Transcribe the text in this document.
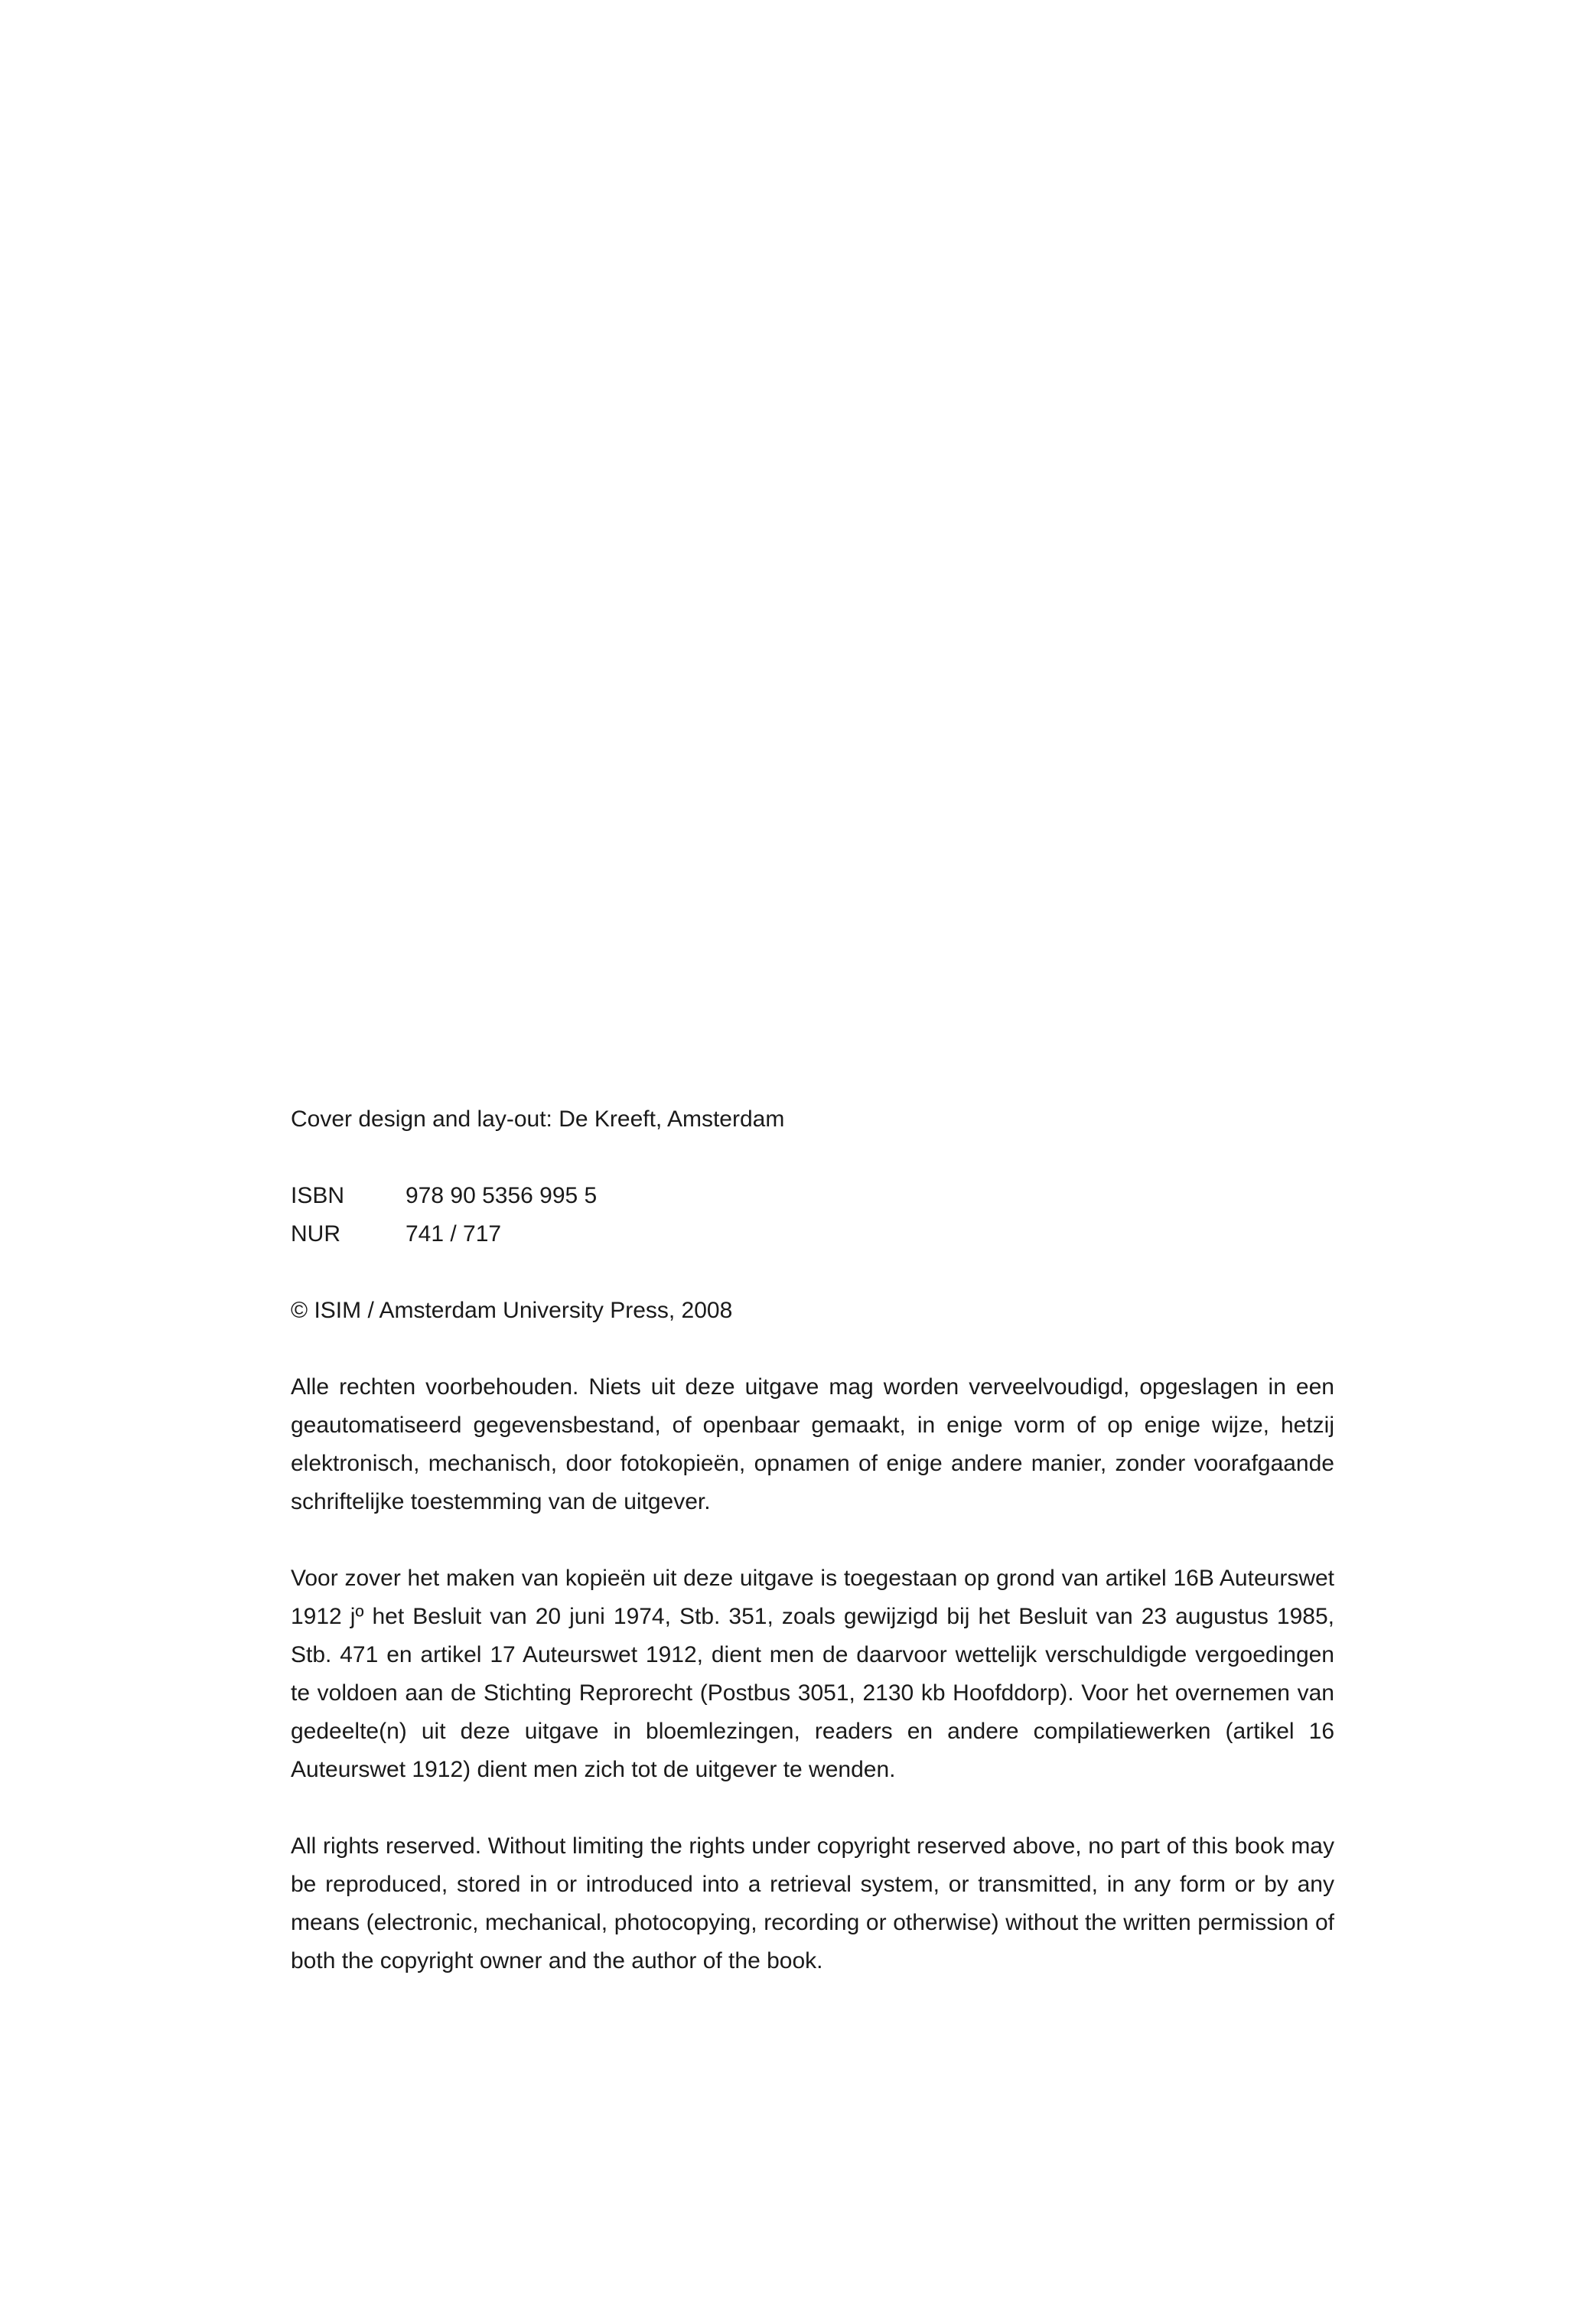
Cover design and lay-out: De Kreeft, Amsterdam

ISBN	978 90 5356 995 5
NUR	741 / 717

© ISIM / Amsterdam University Press, 2008

Alle rechten voorbehouden. Niets uit deze uitgave mag worden verveelvoudigd, opgeslagen in een geautomatiseerd gegevensbestand, of openbaar gemaakt, in enige vorm of op enige wijze, hetzij elektronisch, mechanisch, door fotokopieën, opnamen of enige andere manier, zonder voorafgaande schriftelijke toestemming van de uitgever.

Voor zover het maken van kopieën uit deze uitgave is toegestaan op grond van artikel 16B Auteurswet 1912 jº het Besluit van 20 juni 1974, Stb. 351, zoals gewijzigd bij het Besluit van 23 augustus 1985, Stb. 471 en artikel 17 Auteurswet 1912, dient men de daarvoor wettelijk verschuldigde vergoedingen te voldoen aan de Stichting Reprorecht (Postbus 3051, 2130 kb Hoofddorp). Voor het overnemen van gedeelte(n) uit deze uitgave in bloemlezingen, readers en andere compilatiewerken (artikel 16 Auteurswet 1912) dient men zich tot de uitgever te wenden.

All rights reserved. Without limiting the rights under copyright reserved above, no part of this book may be reproduced, stored in or introduced into a retrieval system, or transmitted, in any form or by any means (electronic, mechanical, photocopying, recording or otherwise) without the written permission of both the copyright owner and the author of the book.
